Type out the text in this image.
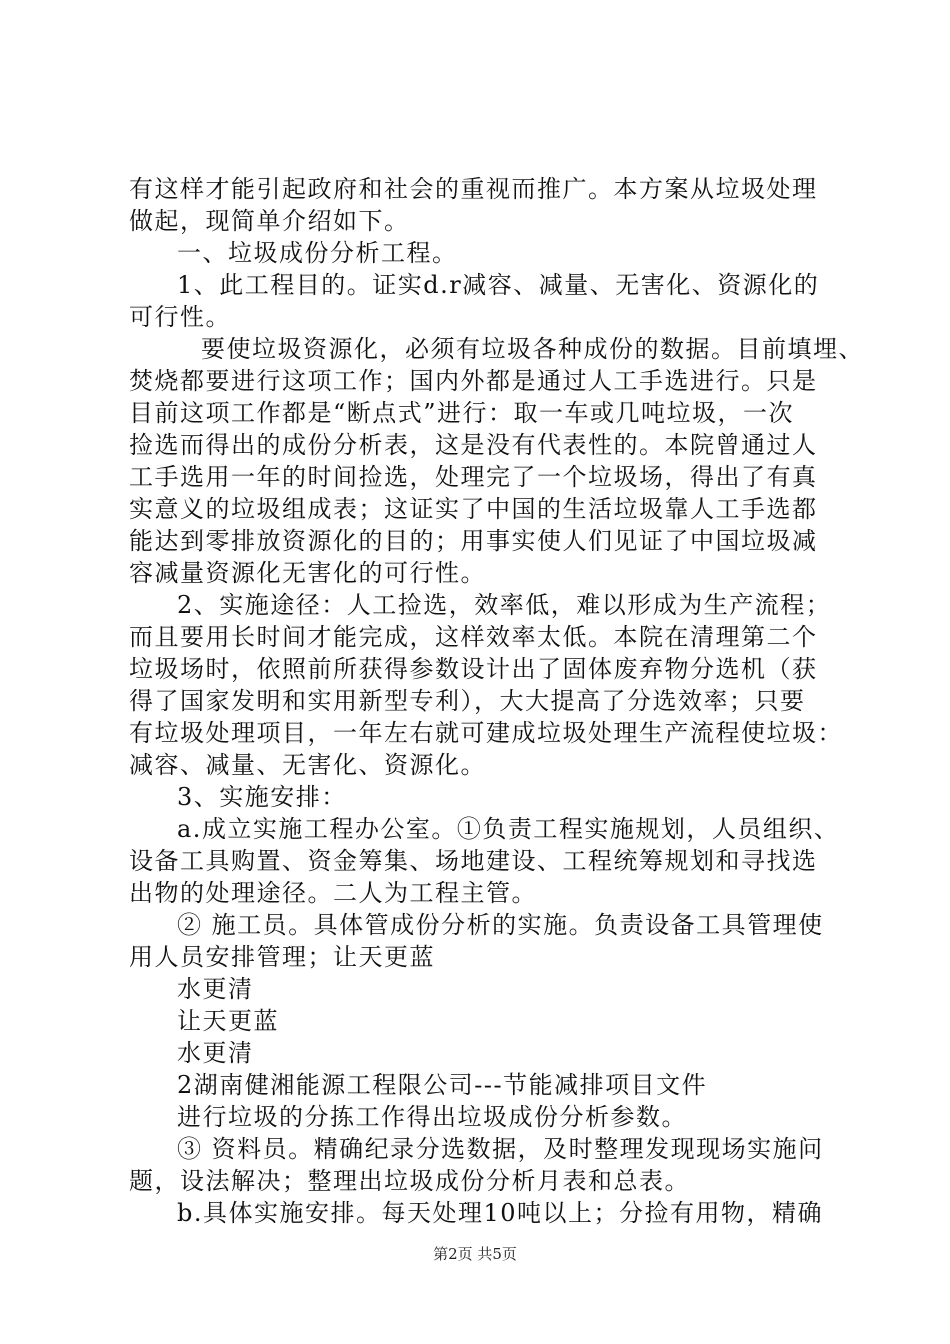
有这样才能引起政府和社会的重视而推广。本方案从垃圾处理
做起，现简单介绍如下。
一、垃圾成份分析工程。
1、此工程目的。证实d.r减容、减量、无害化、资源化的
可行性。
要使垃圾资源化，必须有垃圾各种成份的数据。目前填埋、
焚烧都要进行这项工作；国内外都是通过人工手选进行。只是
目前这项工作都是“断点式”进行：取一车或几吨垃圾，一次
捡选而得出的成份分析表，这是没有代表性的。本院曾通过人
工手选用一年的时间捡选，处理完了一个垃圾场，得出了有真
实意义的垃圾组成表；这证实了中国的生活垃圾靠人工手选都
能达到零排放资源化的目的；用事实使人们见证了中国垃圾减
容减量资源化无害化的可行性。
2、实施途径：人工捡选，效率低，难以形成为生产流程；
而且要用长时间才能完成，这样效率太低。本院在清理第二个
垃圾场时，依照前所获得参数设计出了固体废弃物分选机（获
得了国家发明和实用新型专利），大大提高了分选效率；只要
有垃圾处理项目，一年左右就可建成垃圾处理生产流程使垃圾：
减容、减量、无害化、资源化。
3、实施安排：
a.成立实施工程办公室。①负责工程实施规划，人员组织、
设备工具购置、资金筹集、场地建设、工程统筹规划和寻找选
出物的处理途径。二人为工程主管。
② 施工员。具体管成份分析的实施。负责设备工具管理使
用人员安排管理；让天更蓝
水更清
让天更蓝
水更清
2湖南健湘能源工程限公司---节能减排项目文件
进行垃圾的分拣工作得出垃圾成份分析参数。
③ 资料员。精确纪录分选数据，及时整理发现现场实施问
题，设法解决；整理出垃圾成份分析月表和总表。
b.具体实施安排。每天处理10吨以上；分捡有用物，精确
第2页 共5页
